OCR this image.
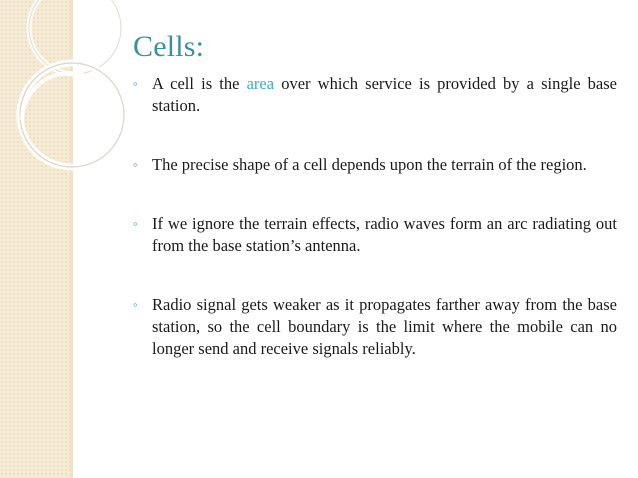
Cells:
◦ A cell is the area over which service is provided by a single base station.
◦ The precise shape of a cell depends upon the terrain of the region.
◦ If we ignore the terrain effects, radio waves form an arc radiating out from the base station’s antenna.
◦ Radio signal gets weaker as it propagates farther away from the base station, so the cell boundary is the limit where the mobile can no longer send and receive signals reliably.
